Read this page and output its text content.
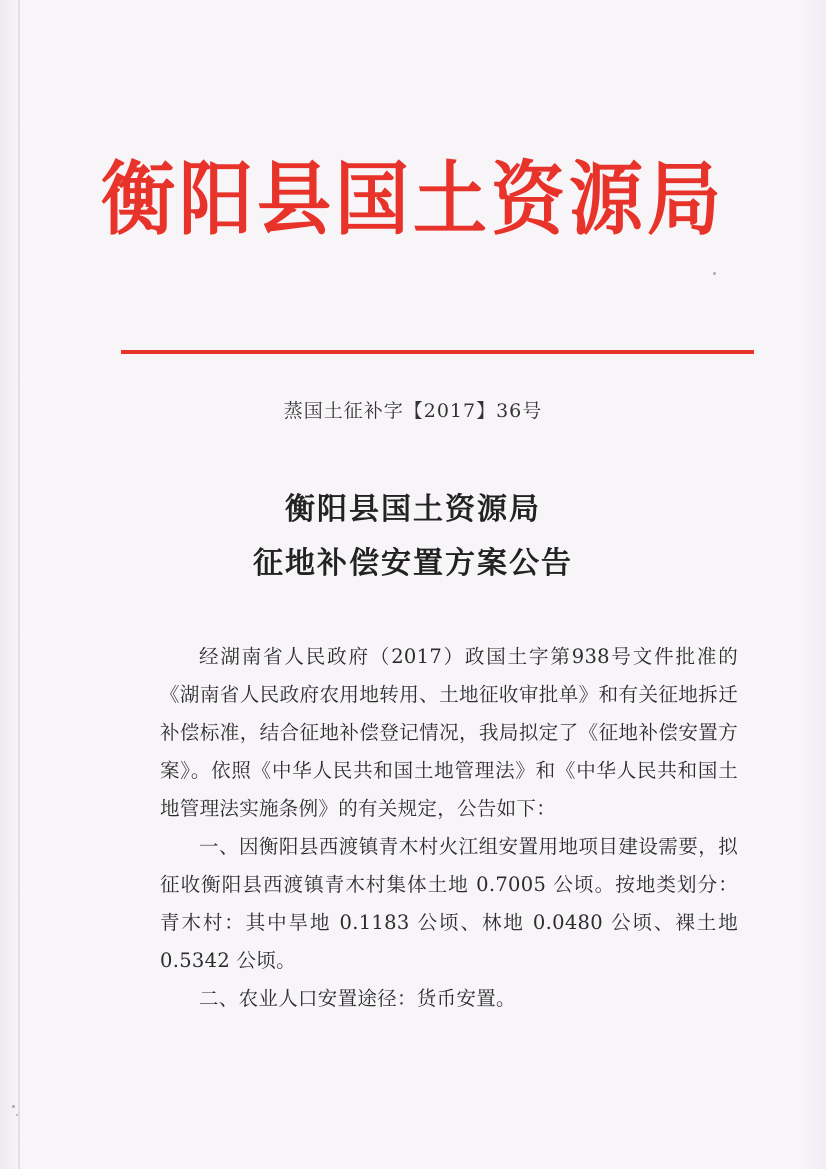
衡阳县国土资源局
蒸国土征补字【2017】36号
衡阳县国土资源局
征地补偿安置方案公告

经湖南省人民政府（2017）政国土字第938号文件批准的《湖南省人民政府农用地转用、土地征收审批单》和有关征地拆迁补偿标准，结合征地补偿登记情况，我局拟定了《征地补偿安置方案》。依照《中华人民共和国土地管理法》和《中华人民共和国土地管理法实施条例》的有关规定，公告如下：

一、因衡阳县西渡镇青木村火江组安置用地项目建设需要，拟征收衡阳县西渡镇青木村集体土地 0.7005 公顷。按地类划分：青木村：其中旱地 0.1183 公顷、林地 0.0480 公顷、裸土地 0.5342 公顷。

二、农业人口安置途径：货币安置。
